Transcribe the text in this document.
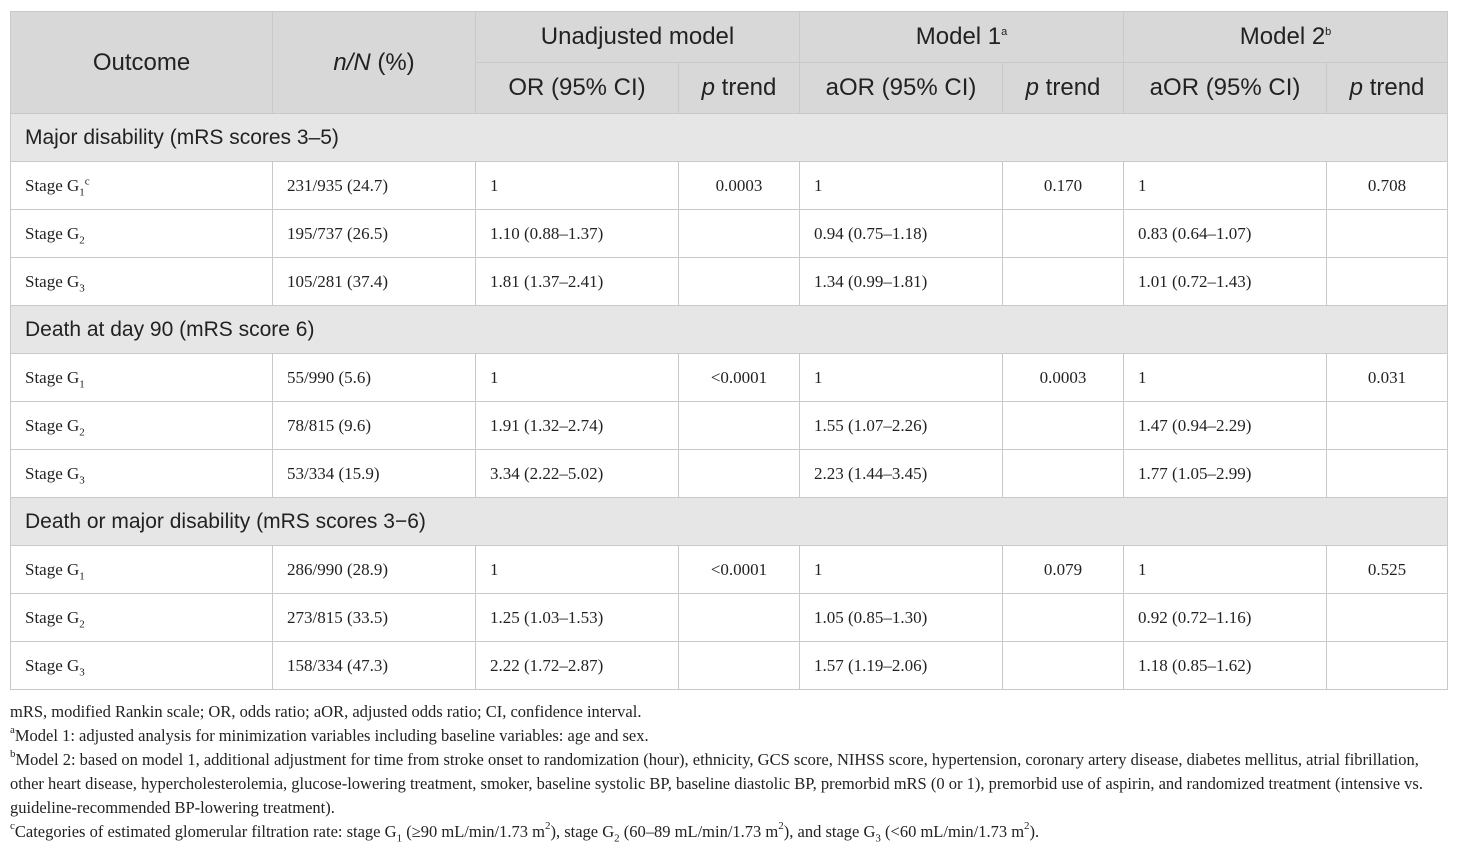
Outcome	n/N (%)	Unadjusted model		Model 1$^a$		Model 2$^b$
		OR (95% CI)	p trend	aOR (95% CI)	p trend	aOR (95% CI)	p trend
Major disability (mRS scores 3–5)							
Stage $G_1^c$	231/935 (24.7)	1	0.0003	1	0.170	1	0.708
Stage $G_2$	195/737 (26.5)	1.10 (0.88–1.37)		0.94 (0.75–1.18)		0.83 (0.64–1.07)	
Stage $G_3$	105/281 (37.4)	1.81 (1.37–2.41)		1.34 (0.99–1.81)		1.01 (0.72–1.43)	
Death at day 90 (mRS score 6)							
Stage $G_1$	55/990 (5.6)	1	<0.0001	1	0.0003	1	0.031
Stage $G_2$	78/815 (9.6)	1.91 (1.32–2.74)		1.55 (1.07–2.26)		1.47 (0.94–2.29)	
Stage $G_3$	53/334 (15.9)	3.34 (2.22–5.02)		2.23 (1.44–3.45)		1.77 (1.05–2.99)	
Death or major disability (mRS scores 3−6)							
Stage $G_1$	286/990 (28.9)	1	<0.0001	1	0.079	1	0.525
Stage $G_2$	273/815 (33.5)	1.25 (1.03–1.53)		1.05 (0.85–1.30)		0.92 (0.72–1.16)	
Stage $G_3$	158/334 (47.3)	2.22 (1.72–2.87)		1.57 (1.19–2.06)		1.18 (0.85–1.62)	

mRS, modified Rankin scale; OR, odds ratio; aOR, adjusted odds ratio; CI, confidence interval.

$^a$Model 1: adjusted analysis for minimization variables including baseline variables: age and sex.

$^b$Model 2: based on model 1, additional adjustment for time from stroke onset to randomization (hour), ethnicity, GCS score, NIHSS score, hypertension, coronary artery disease, diabetes mellitus, atrial fibrillation, other heart disease, hypercholesterolemia, glucose-lowering treatment, smoker, baseline systolic BP, baseline diastolic BP, premorbid mRS (0 or 1), premorbid use of aspirin, and randomized treatment (intensive vs. guideline-recommended BP-lowering treatment).

$^c$Categories of estimated glomerular filtration rate: stage $G_1$ (≥90 mL/min/1.73 $m^2$), stage $G_2$ (60–89 mL/min/1.73 $m^2$), and stage $G_3$ (<60 mL/min/1.73 $m^2$).
